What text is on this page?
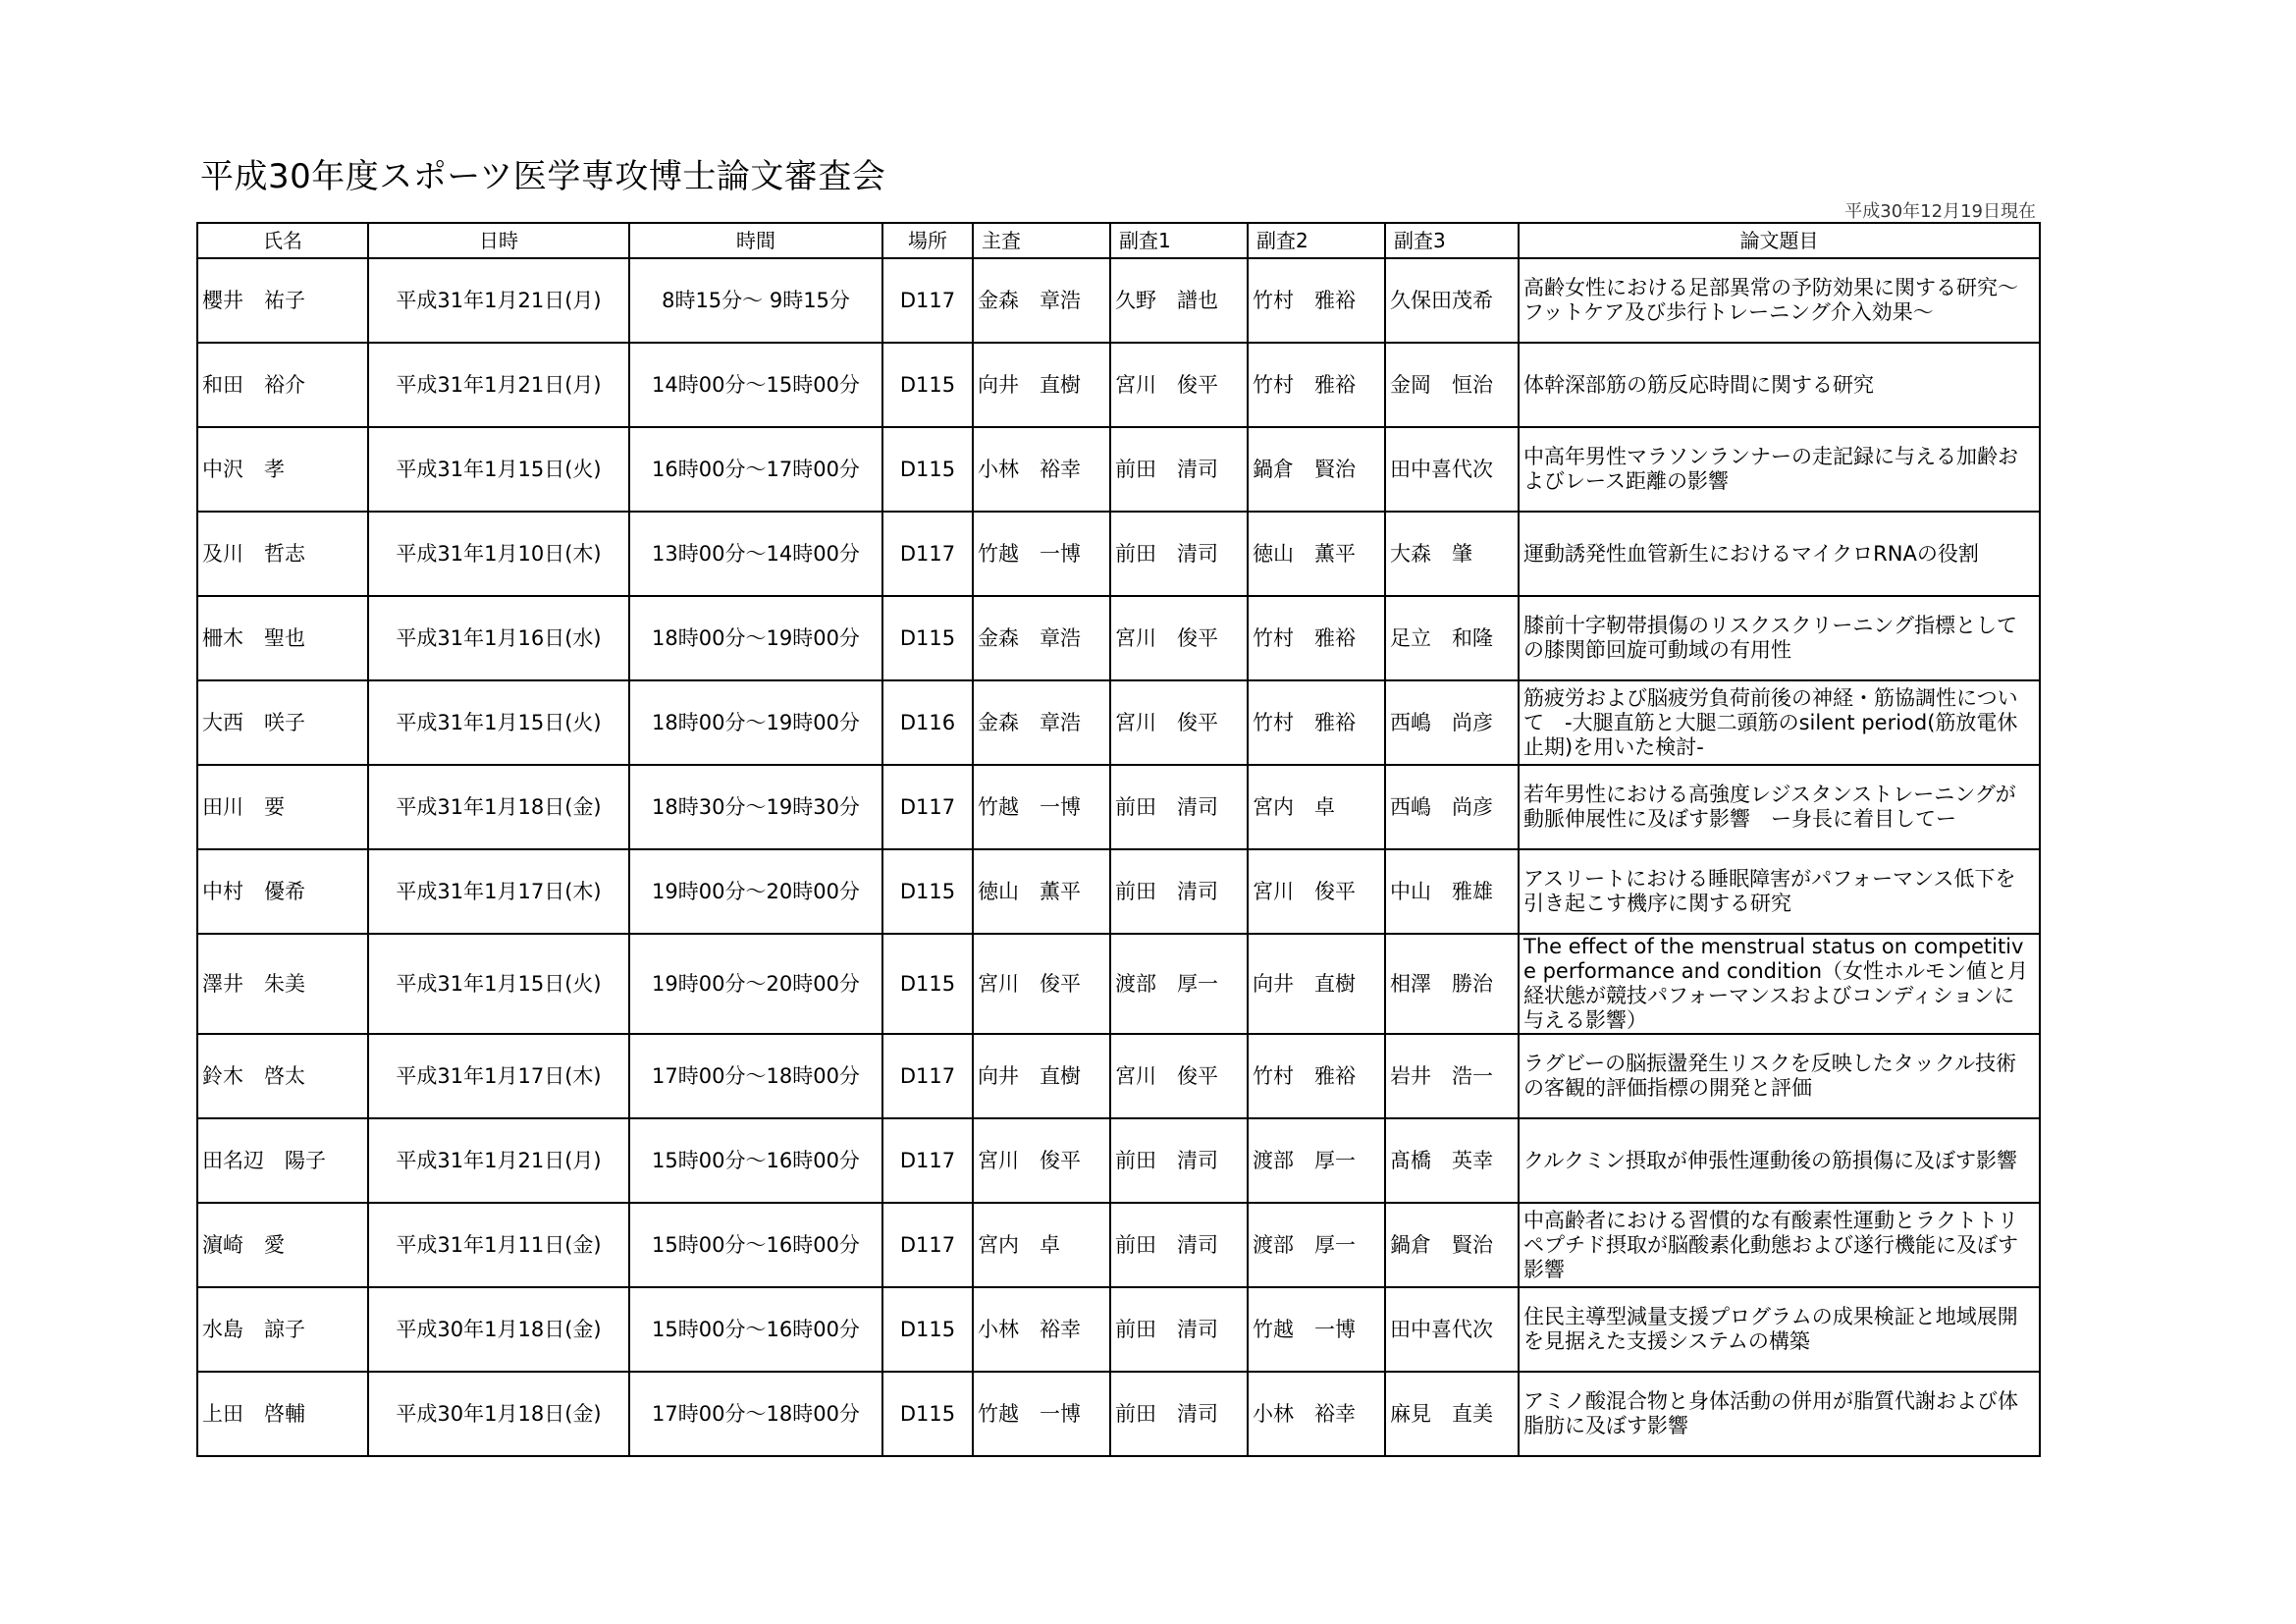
平成30年度スポーツ医学専攻博士論文審査会
平成30年12月19日現在
氏名	日時	時間	場所	主査	副査1	副査2	副査3	論文題目
櫻井　祐子	平成31年1月21日(月)	8時15分～ 9時15分	D117	金森　章浩	久野　譜也	竹村　雅裕	久保田茂希	高齢女性における足部異常の予防効果に関する研究～フットケア及び歩行トレーニング介入効果～
和田　裕介	平成31年1月21日(月)	14時00分～15時00分	D115	向井　直樹	宮川　俊平	竹村　雅裕	金岡　恒治	体幹深部筋の筋反応時間に関する研究
中沢　孝	平成31年1月15日(火)	16時00分～17時00分	D115	小林　裕幸	前田　清司	鍋倉　賢治	田中喜代次	中高年男性マラソンランナーの走記録に与える加齢およびレース距離の影響
及川　哲志	平成31年1月10日(木)	13時00分～14時00分	D117	竹越　一博	前田　清司	徳山　薫平	大森　肇	運動誘発性血管新生におけるマイクロRNAの役割
柵木　聖也	平成31年1月16日(水)	18時00分～19時00分	D115	金森　章浩	宮川　俊平	竹村　雅裕	足立　和隆	膝前十字靭帯損傷のリスクスクリーニング指標としての膝関節回旋可動域の有用性
大西　咲子	平成31年1月15日(火)	18時00分～19時00分	D116	金森　章浩	宮川　俊平	竹村　雅裕	西嶋　尚彦	筋疲労および脳疲労負荷前後の神経・筋協調性について　-大腿直筋と大腿二頭筋のsilent period(筋放電休止期)を用いた検討-
田川　要	平成31年1月18日(金)	18時30分～19時30分	D117	竹越　一博	前田　清司	宮内　卓	西嶋　尚彦	若年男性における高強度レジスタンストレーニングが動脈伸展性に及ぼす影響　ー身長に着目してー
中村　優希	平成31年1月17日(木)	19時00分～20時00分	D115	徳山　薫平	前田　清司	宮川　俊平	中山　雅雄	アスリートにおける睡眠障害がパフォーマンス低下を引き起こす機序に関する研究
澤井　朱美	平成31年1月15日(火)	19時00分～20時00分	D115	宮川　俊平	渡部　厚一	向井　直樹	相澤　勝治	The effect of the menstrual status on competitive performance and condition（女性ホルモン値と月経状態が競技パフォーマンスおよびコンディションに与える影響）
鈴木　啓太	平成31年1月17日(木)	17時00分～18時00分	D117	向井　直樹	宮川　俊平	竹村　雅裕	岩井　浩一	ラグビーの脳振盪発生リスクを反映したタックル技術の客観的評価指標の開発と評価
田名辺　陽子	平成31年1月21日(月)	15時00分～16時00分	D117	宮川　俊平	前田　清司	渡部　厚一	髙橋　英幸	クルクミン摂取が伸張性運動後の筋損傷に及ぼす影響
濵崎　愛	平成31年1月11日(金)	15時00分～16時00分	D117	宮内　卓	前田　清司	渡部　厚一	鍋倉　賢治	中高齢者における習慣的な有酸素性運動とラクトトリペプチド摂取が脳酸素化動態および遂行機能に及ぼす影響
水島　諒子	平成30年1月18日(金)	15時00分～16時00分	D115	小林　裕幸	前田　清司	竹越　一博	田中喜代次	住民主導型減量支援プログラムの成果検証と地域展開を見据えた支援システムの構築
上田　啓輔	平成30年1月18日(金)	17時00分～18時00分	D115	竹越　一博	前田　清司	小林　裕幸	麻見　直美	アミノ酸混合物と身体活動の併用が脂質代謝および体脂肪に及ぼす影響
